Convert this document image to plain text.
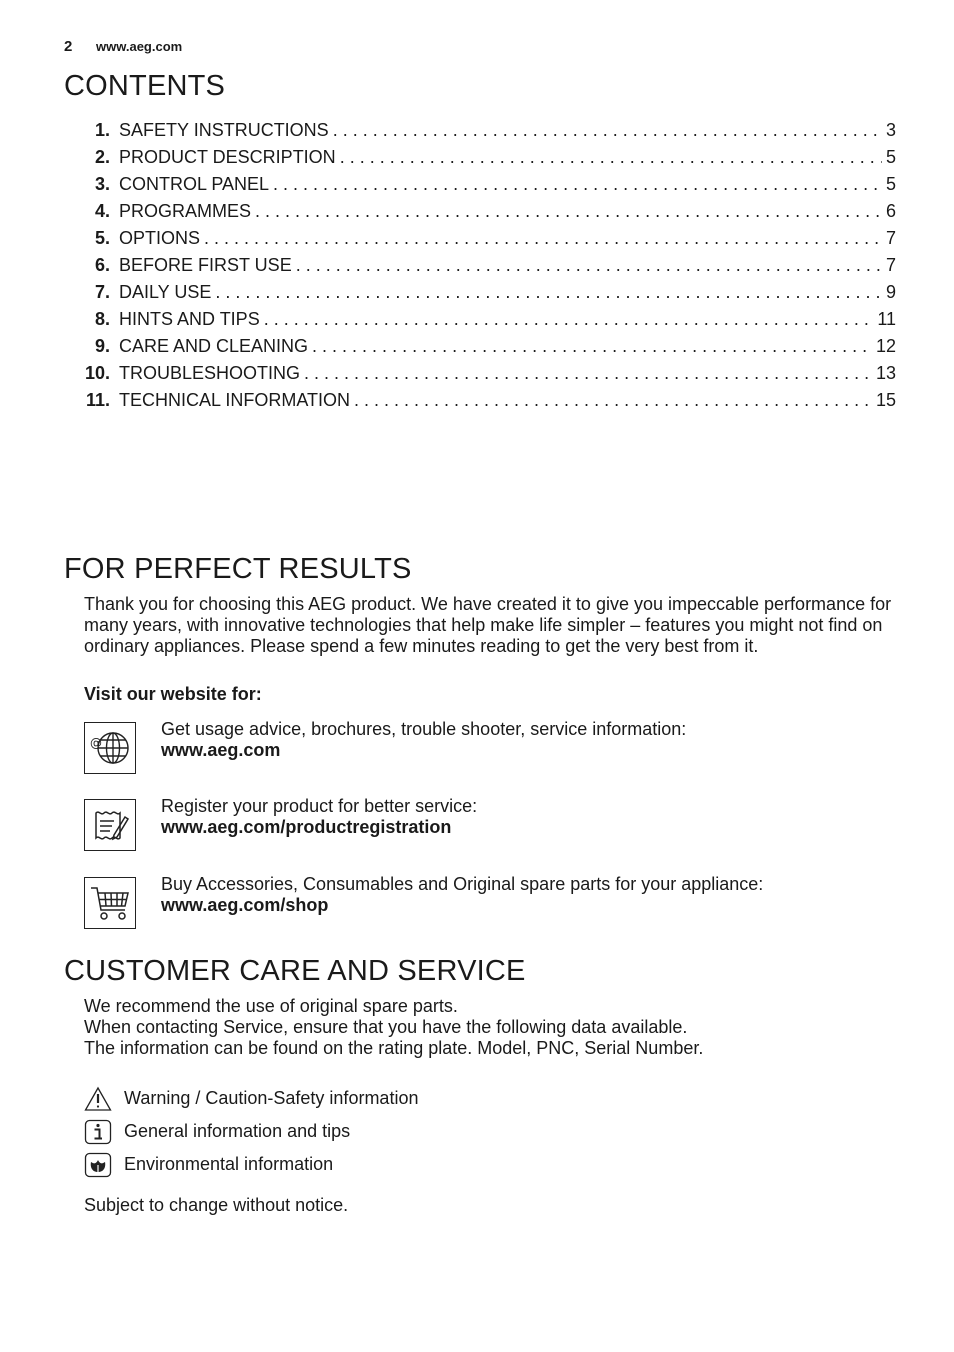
2	www.aeg.com
CONTENTS
1. SAFETY INSTRUCTIONS . . .	3
2. PRODUCT DESCRIPTION . . .	5
3. CONTROL PANEL . . .	5
4. PROGRAMMES . . .	6
5. OPTIONS . . .	7
6. BEFORE FIRST USE . . .	7
7. DAILY USE . . .	9
8. HINTS AND TIPS . . .	11
9. CARE AND CLEANING . . .	12
10. TROUBLESHOOTING . . .	13
11. TECHNICAL INFORMATION . . .	15
FOR PERFECT RESULTS

Thank you for choosing this AEG product. We have created it to give you impeccable performance for many years, with innovative technologies that help make life simpler – features you might not find on ordinary appliances. Please spend a few minutes reading to get the very best from it.

Visit our website for:

@
Get usage advice, brochures, trouble shooter, service information:
www.aeg.com
Register your product for better service:
www.aeg.com/productregistration
Buy Accessories, Consumables and Original spare parts for your appliance:
www.aeg.com/shop
CUSTOMER CARE AND SERVICE

We recommend the use of original spare parts.
When contacting Service, ensure that you have the following data available.
The information can be found on the rating plate. Model, PNC, Serial Number.

Warning / Caution-Safety information
General information and tips
Environmental information

Subject to change without notice.
